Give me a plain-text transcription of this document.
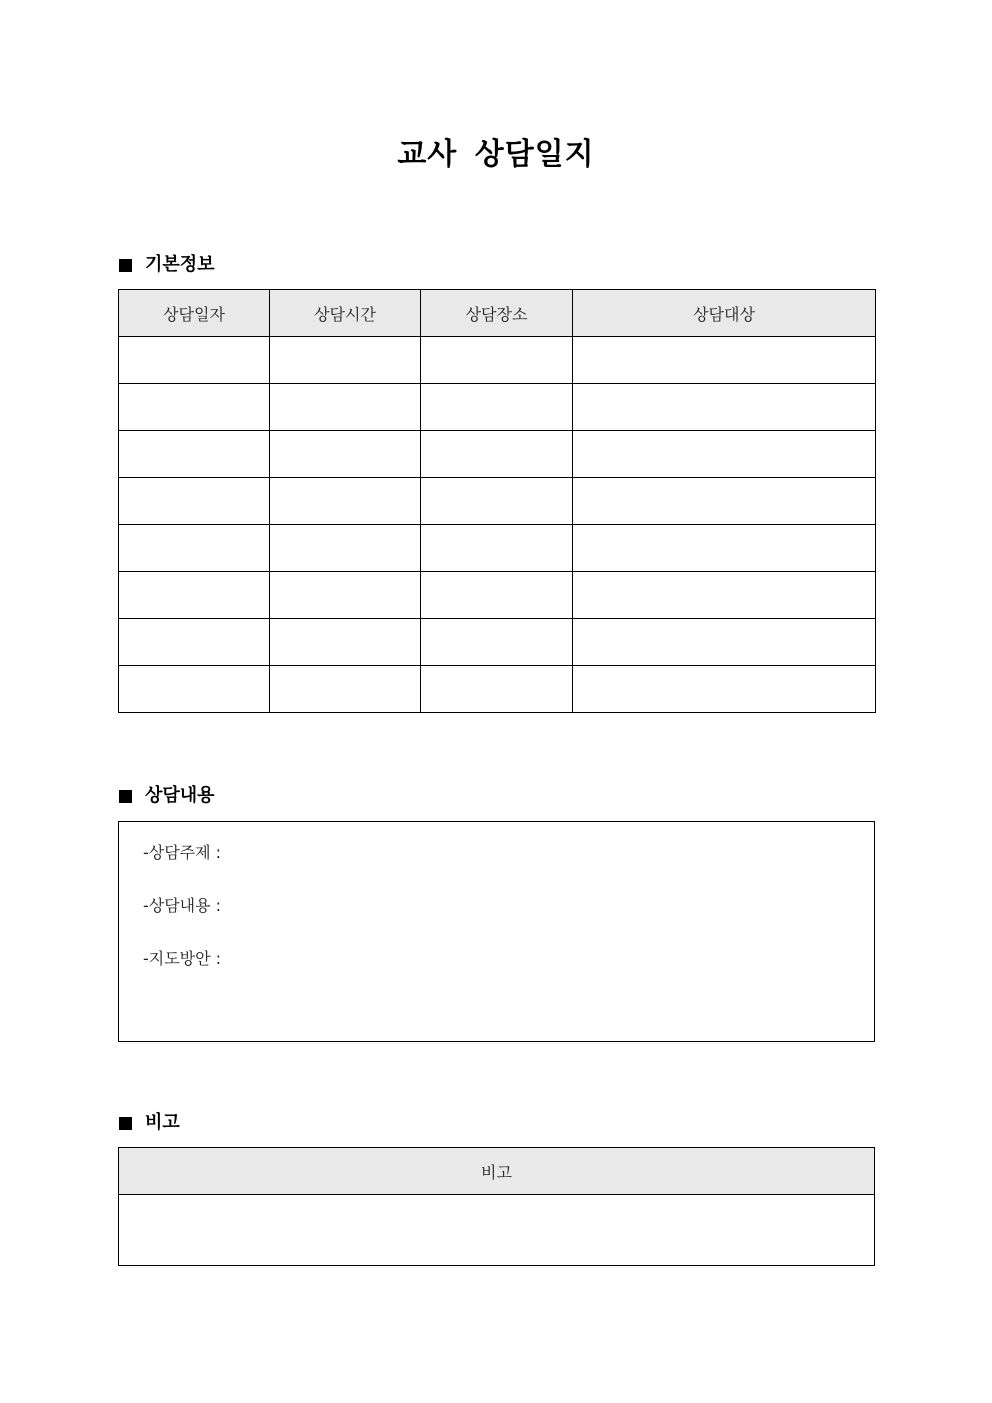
교사 상담일지
기본정보
상담일자	상담시간	상담장소	상담대상

상담내용
-상담주제 :
-상담내용 :
-지도방안 :
비고
비고
